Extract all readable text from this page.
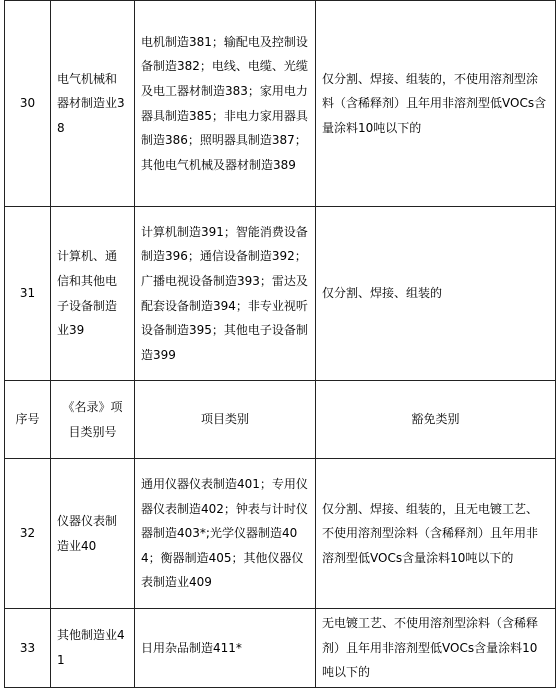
30	电气机械和器材制造业38	电机制造381；输配电及控制设备制造382；电线、电缆、光缆及电工器材制造383；家用电力器具制造385；非电力家用器具制造386；照明器具制造387；其他电气机械及器材制造389	仅分割、焊接、组装的，不使用溶剂型涂料（含稀释剂）且年用非溶剂型低VOCs含量涂料10吨以下的
31	计算机、通信和其他电子设备制造业39	计算机制造391；智能消费设备制造396；通信设备制造392；广播电视设备制造393；雷达及配套设备制造394；非专业视听设备制造395；其他电子设备制造399	仅分割、焊接、组装的
序号	《名录》项目类别号	项目类别	豁免类别
32	仪器仪表制造业40	通用仪器仪表制造401；专用仪器仪表制造402；钟表与计时仪器制造403*;光学仪器制造404；衡器制造405；其他仪器仪表制造业409	仅分割、焊接、组装的，且无电镀工艺、不使用溶剂型涂料（含稀释剂）且年用非溶剂型低VOCs含量涂料10吨以下的
33	其他制造业41	日用杂品制造411*	无电镀工艺、不使用溶剂型涂料（含稀释剂）且年用非溶剂型低VOCs含量涂料10吨以下的
